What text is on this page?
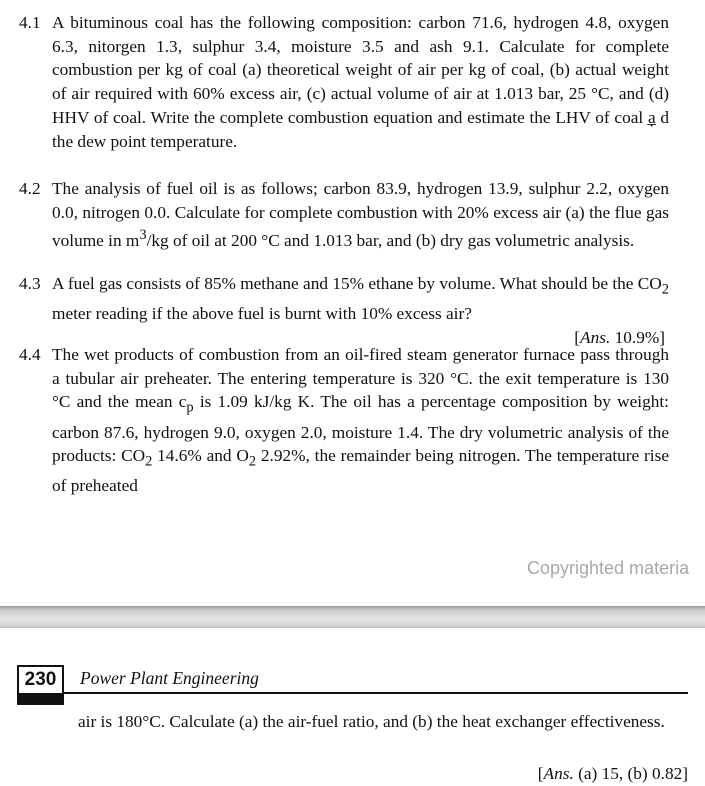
4.1 A bituminous coal has the following composition: carbon 71.6, hydrogen 4.8, oxygen 6.3, nitorgen 1.3, sulphur 3.4, moisture 3.5 and ash 9.1. Calculate for complete combustion per kg of coal (a) theoretical weight of air per kg of coal, (b) actual weight of air required with 60% excess air, (c) actual volume of air at 1.013 bar, 25 °C, and (d) HHV of coal. Write the complete combustion equation and estimate the LHV of coal a̲̣ d the dew point temperature.
4.2 The analysis of fuel oil is as follows; carbon 83.9, hydrogen 13.9, sulphur 2.2, oxygen 0.0, nitrogen 0.0. Calculate for complete combustion with 20% excess air (a) the flue gas volume in $m^3/kg$ of oil at 200 °C and 1.013 bar, and (b) dry gas volumetric analysis.
4.3 A fuel gas consists of 85% methane and 15% ethane by volume. What should be the $CO_2$ meter reading if the above fuel is burnt with 10% excess air?
[Ans. 10.9%]
4.4 The wet products of combustion from an oil-fired steam generator furnace pass through a tubular air preheater. The entering temperature is 320 °C. the exit temperature is 130 °C and the mean $c_p$ is 1.09 kJ/kg K. The oil has a percentage composition by weight: carbon 87.6, hydrogen 9.0, oxygen 2.0, moisture 1.4. The dry volumetric analysis of the products: $CO_2$ 14.6% and $O_2$ 2.92%, the remainder being nitrogen. The temperature rise of preheated
Copyrighted materia
230	Power Plant Engineering
air is 180°C. Calculate (a) the air-fuel ratio, and (b) the heat exchanger effectiveness.
[Ans. (a) 15, (b) 0.82]
